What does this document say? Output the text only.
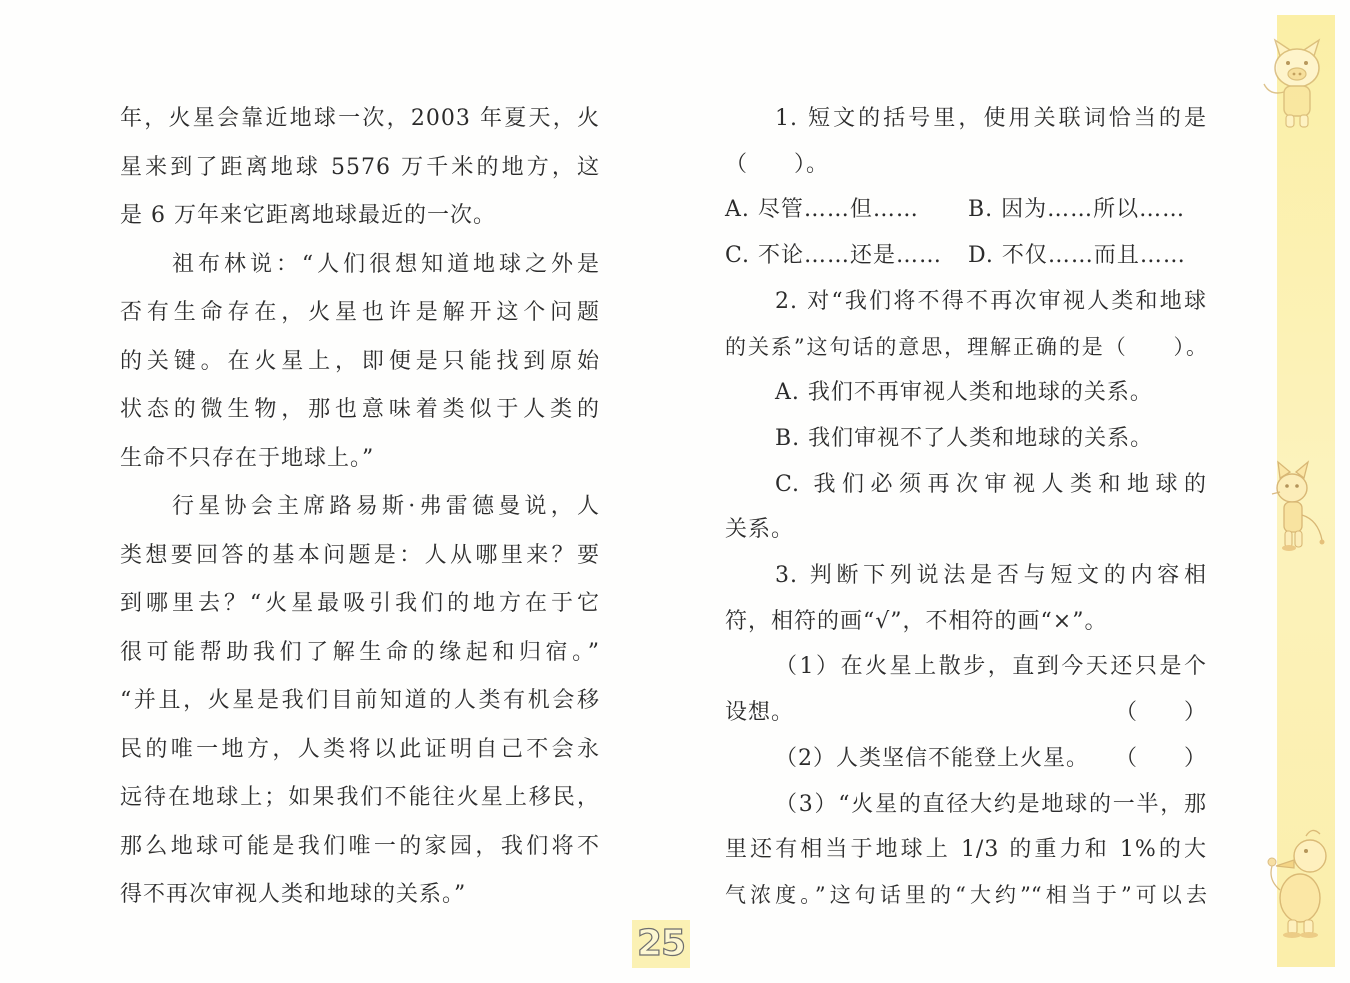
年，火星会靠近地球一次，2003 年夏天，火
星来到了距离地球 5576 万千米的地方，这
是 6 万年来它距离地球最近的一次。
祖布林说：“人们很想知道地球之外是
否有生命存在，火星也许是解开这个问题
的关键。在火星上，即便是只能找到原始
状态的微生物，那也意味着类似于人类的
生命不只存在于地球上。”
行星协会主席路易斯·弗雷德曼说，人
类想要回答的基本问题是：人从哪里来？要
到哪里去？“火星最吸引我们的地方在于它
很可能帮助我们了解生命的缘起和归宿。”
“并且，火星是我们目前知道的人类有机会移
民的唯一地方，人类将以此证明自己不会永
远待在地球上；如果我们不能往火星上移民，
那么地球可能是我们唯一的家园，我们将不
得不再次审视人类和地球的关系。”
1. 短文的括号里，使用关联词恰当的是
（　　）。
A. 尽管……但……	B. 因为……所以……
C. 不论……还是……	D. 不仅……而且……
2. 对“我们将不得不再次审视人类和地球
的关系”这句话的意思，理解正确的是（　　）。
A. 我们不再审视人类和地球的关系。
B. 我们审视不了人类和地球的关系。
C. 我们必须再次审视人类和地球的
关系。
3. 判断下列说法是否与短文的内容相
符，相符的画“√”，不相符的画“×”。
（1）在火星上散步，直到今天还只是个
设想。	（　　）
（2）人类坚信不能登上火星。 （　　）
（3）“火星的直径大约是地球的一半，那
里还有相当于地球上 1/3 的重力和 1%的大
气浓度。”这句话里的“大约”“相当于”可以去
25
